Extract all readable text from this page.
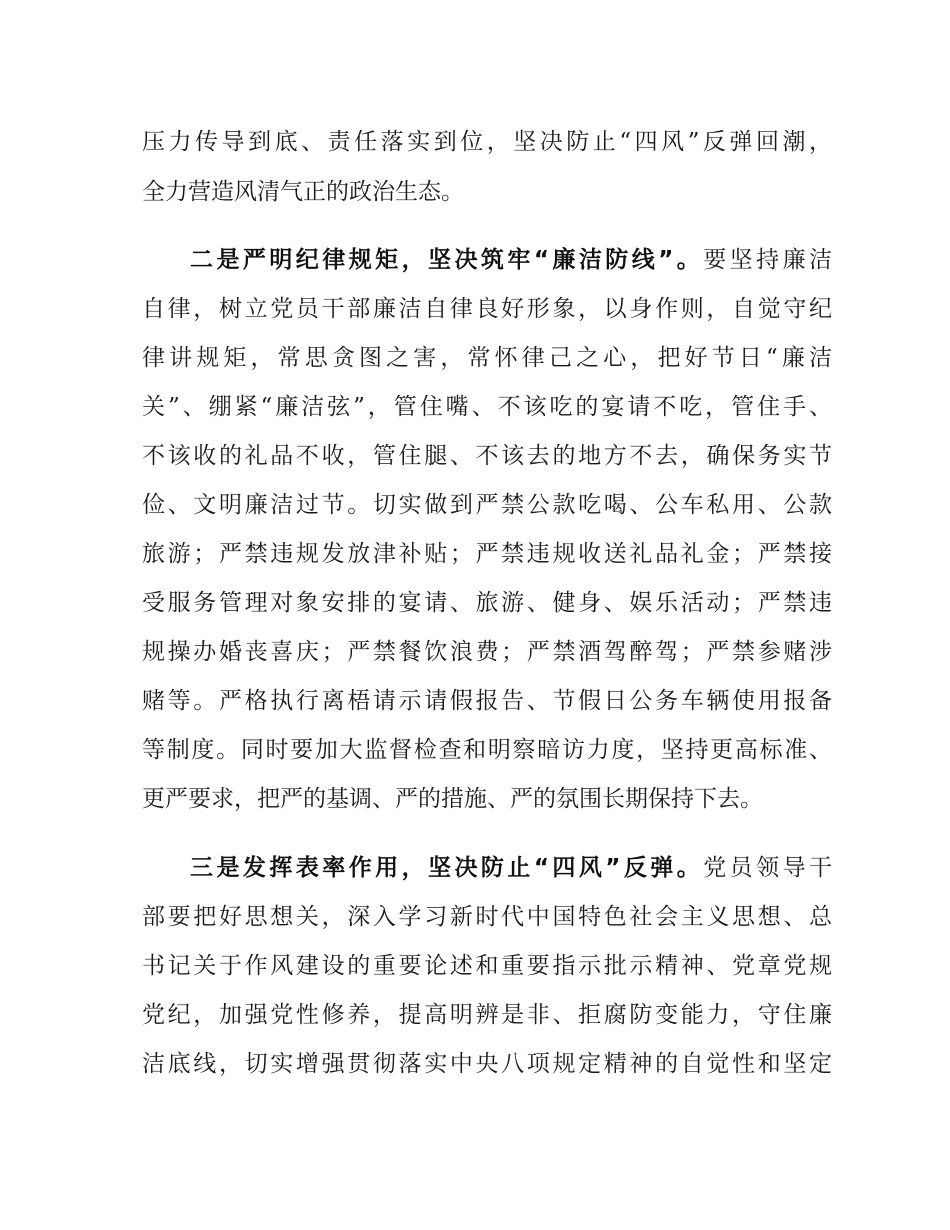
压力传导到底、责任落实到位，坚决防止“四风”反弹回潮，
全力营造风清气正的政治生态。
二是严明纪律规矩，坚决筑牢“廉洁防线”。要坚持廉洁
自律，树立党员干部廉洁自律良好形象，以身作则，自觉守纪
律讲规矩，常思贪图之害，常怀律己之心，把好节日“廉洁
关”、绷紧“廉洁弦”，管住嘴、不该吃的宴请不吃，管住手、
不该收的礼品不收，管住腿、不该去的地方不去，确保务实节
俭、文明廉洁过节。切实做到严禁公款吃喝、公车私用、公款
旅游；严禁违规发放津补贴；严禁违规收送礼品礼金；严禁接
受服务管理对象安排的宴请、旅游、健身、娱乐活动；严禁违
规操办婚丧喜庆；严禁餐饮浪费；严禁酒驾醉驾；严禁参赌涉
赌等。严格执行离梧请示请假报告、节假日公务车辆使用报备
等制度。同时要加大监督检查和明察暗访力度，坚持更高标准、
更严要求，把严的基调、严的措施、严的氛围长期保持下去。
三是发挥表率作用，坚决防止“四风”反弹。党员领导干
部要把好思想关，深入学习新时代中国特色社会主义思想、总
书记关于作风建设的重要论述和重要指示批示精神、党章党规
党纪，加强党性修养，提高明辨是非、拒腐防变能力，守住廉
洁底线，切实增强贯彻落实中央八项规定精神的自觉性和坚定
